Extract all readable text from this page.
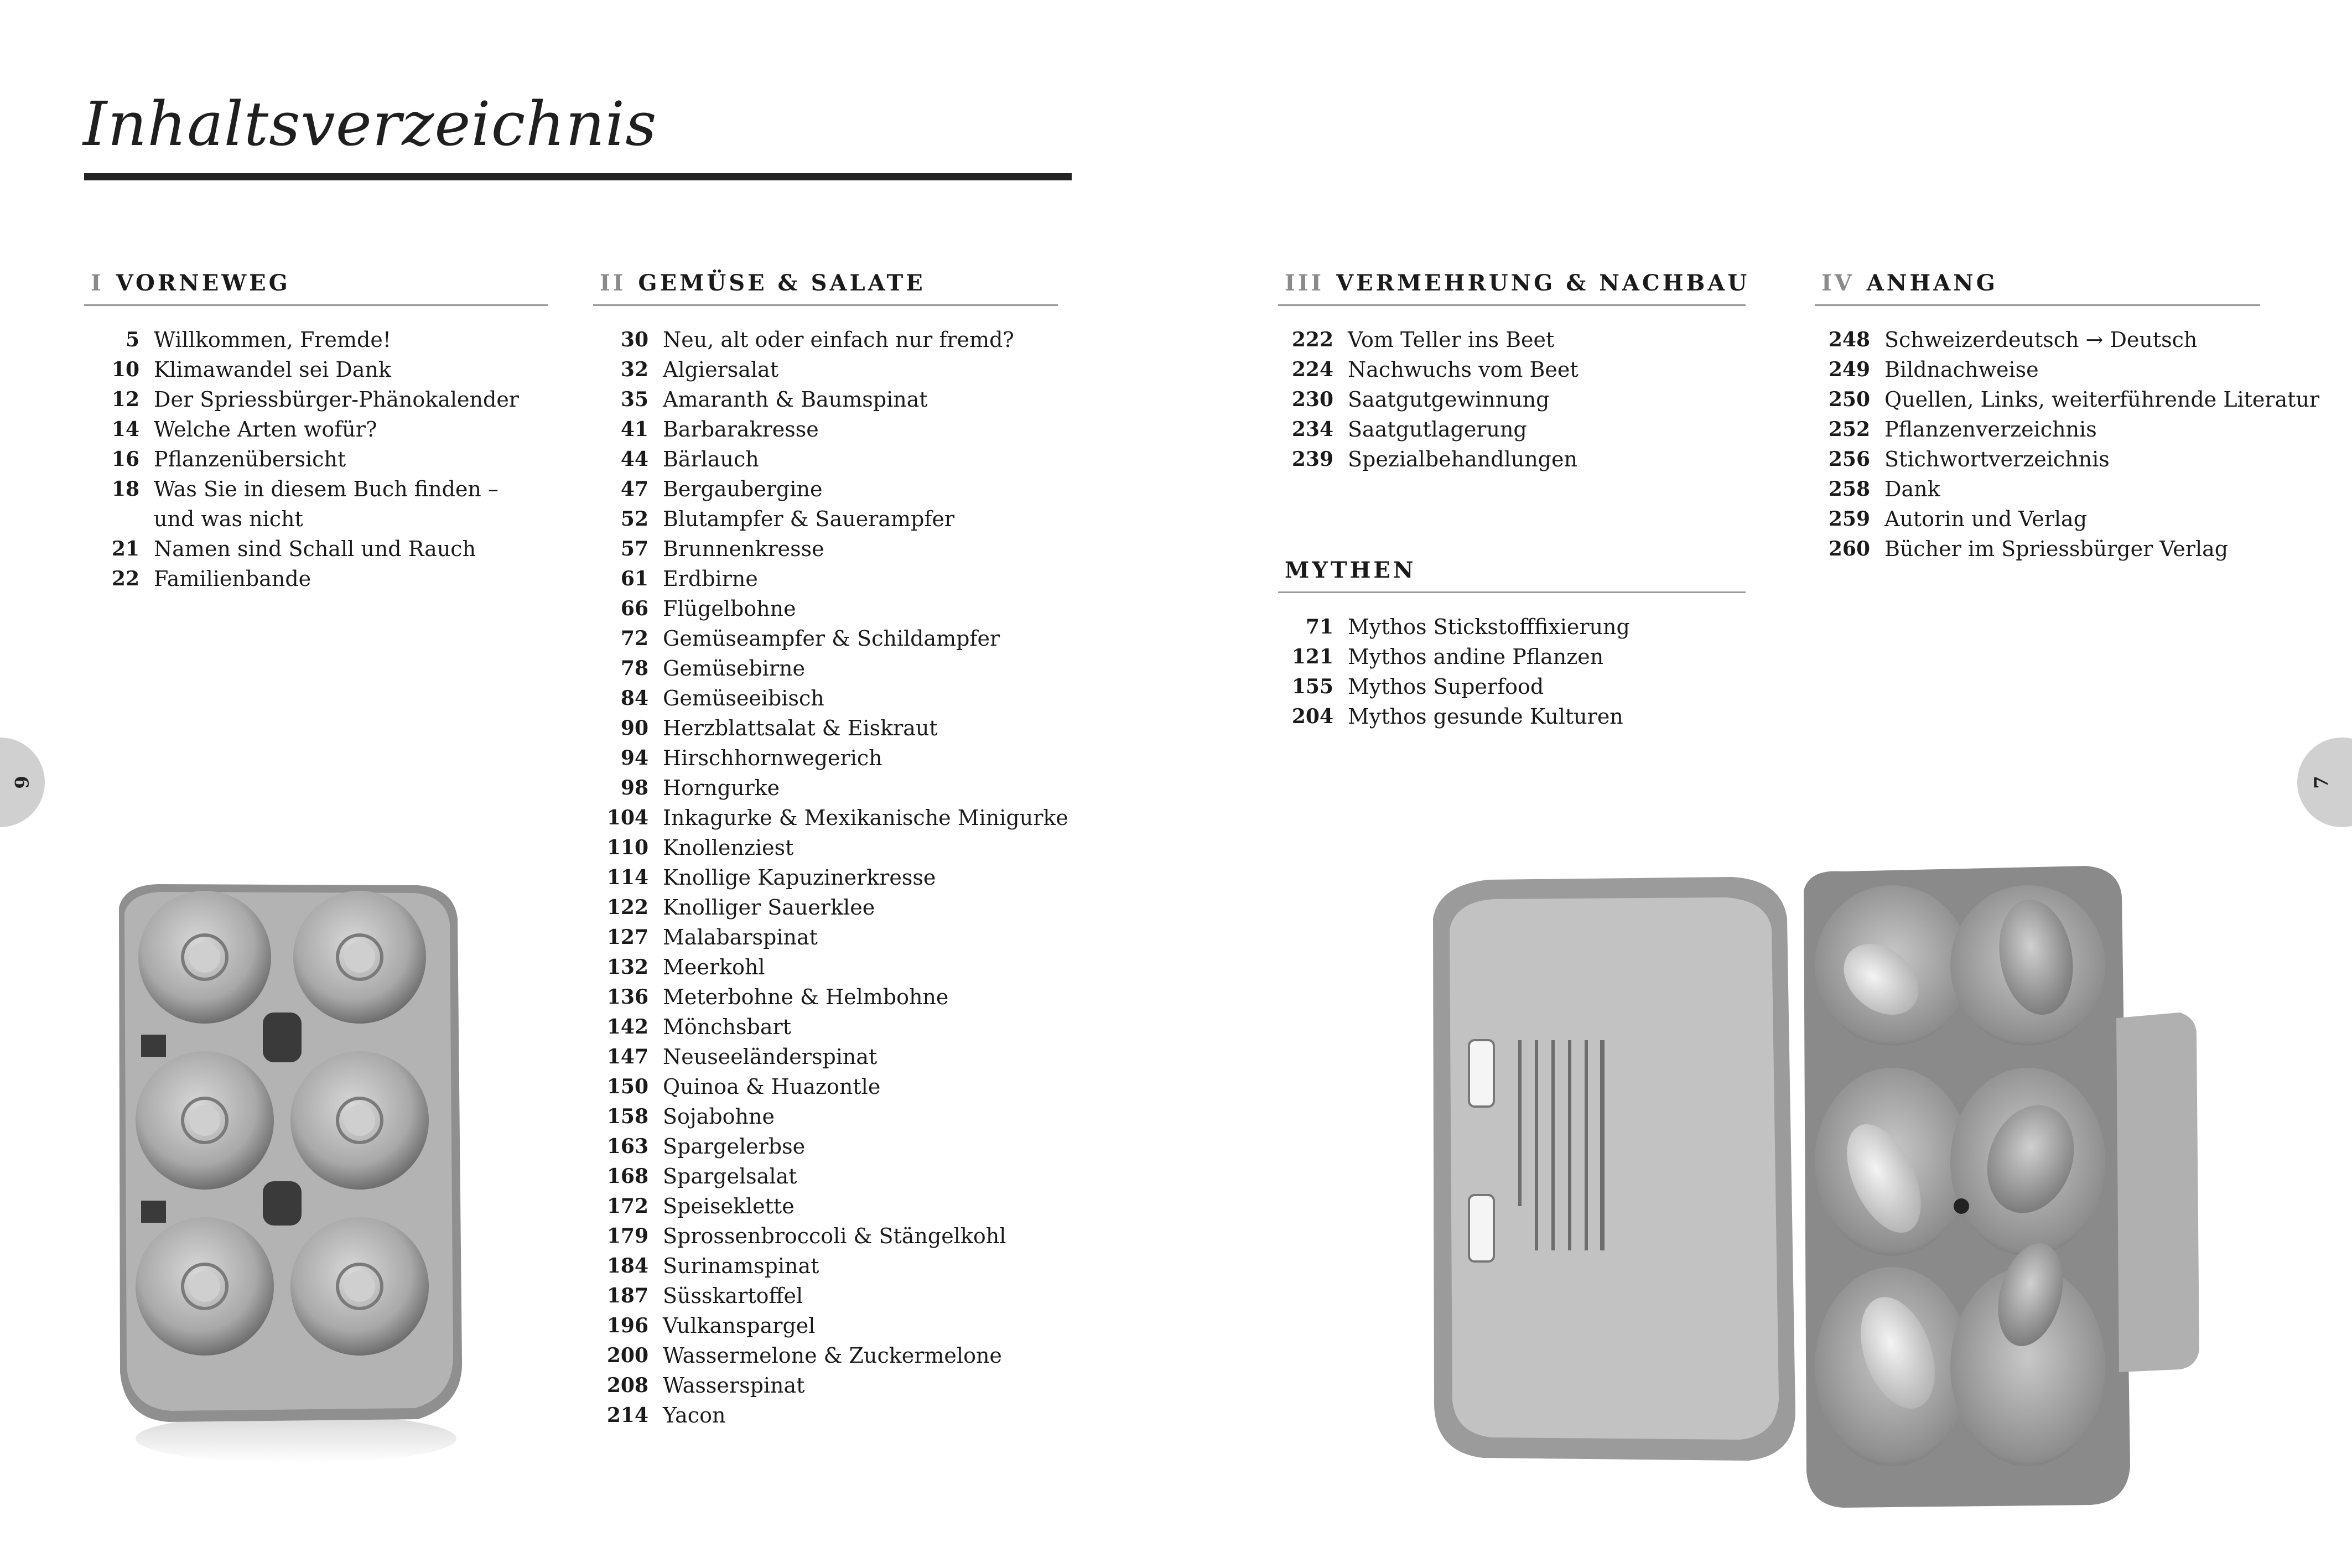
Inhaltsverzeichnis
I VORNEWEG
5 Willkommen, Fremde!
10 Klimawandel sei Dank
12 Der Spriessbürger-Phänokalender
14 Welche Arten wofür?
16 Pflanzenübersicht
18 Was Sie in diesem Buch finden –
und was nicht
21 Namen sind Schall und Rauch
22 Familienbande
II GEMÜSE & SALATE
30 Neu, alt oder einfach nur fremd?
32 Algiersalat
35 Amaranth & Baumspinat
41 Barbarakresse
44 Bärlauch
47 Bergaubergine
52 Blutampfer & Sauerampfer
57 Brunnenkresse
61 Erdbirne
66 Flügelbohne
72 Gemüseampfer & Schildampfer
78 Gemüsebirne
84 Gemüseeibisch
90 Herzblattsalat & Eiskraut
94 Hirschhornwegerich
98 Horngurke
104 Inkagurke & Mexikanische Minigurke
110 Knollenziest
114 Knollige Kapuzinerkresse
122 Knolliger Sauerklee
127 Malabarspinat
132 Meerkohl
136 Meterbohne & Helmbohne
142 Mönchsbart
147 Neuseeländerspinat
150 Quinoa & Huazontle
158 Sojabohne
163 Spargelerbse
168 Spargelsalat
172 Speiseklette
179 Sprossenbroccoli & Stängelkohl
184 Surinamspinat
187 Süsskartoffel
196 Vulkanspargel
200 Wassermelone & Zuckermelone
208 Wasserspinat
214 Yacon
III VERMEHRUNG & NACHBAU
222 Vom Teller ins Beet
224 Nachwuchs vom Beet
230 Saatgutgewinnung
234 Saatgutlagerung
239 Spezialbehandlungen
MYTHEN
71 Mythos Stickstofffixierung
121 Mythos andine Pflanzen
155 Mythos Superfood
204 Mythos gesunde Kulturen
IV ANHANG
248 Schweizerdeutsch → Deutsch
249 Bildnachweise
250 Quellen, Links, weiterführende Literatur
252 Pflanzenverzeichnis
256 Stichwortverzeichnis
258 Dank
259 Autorin und Verlag
260 Bücher im Spriessbürger Verlag
6	7
